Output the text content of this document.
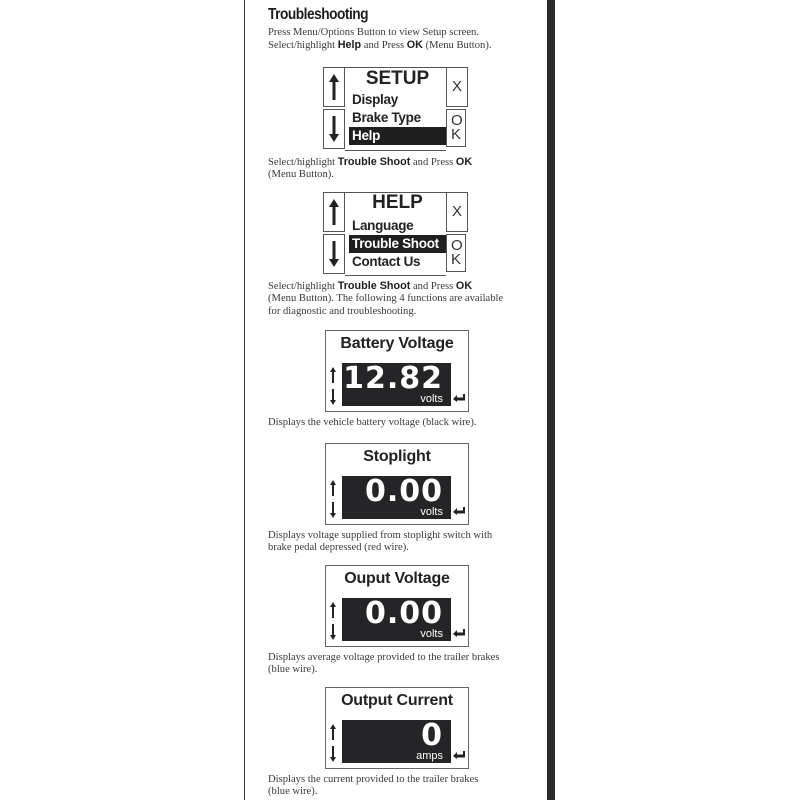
Troubleshooting
Press Menu/Options Button to view Setup screen.
Select/highlight Help and Press OK (Menu Button).
SETUP
Display
Brake Type
Help
X
OK
Select/highlight Trouble Shoot and Press OK
(Menu Button).
HELP
Language
Trouble Shoot
Contact Us
X
OK
Select/highlight Trouble Shoot and Press OK
(Menu Button). The following 4 functions are available
for diagnostic and troubleshooting.
Battery Voltage
12.82
volts
Displays the vehicle battery voltage (black wire).
Stoplight
0.00
volts
Displays voltage supplied from stoplight switch with
brake pedal depressed (red wire).
Ouput Voltage
0.00
volts
Displays average voltage provided to the trailer brakes
(blue wire).
Output Current
0
amps
Displays the current provided to the trailer brakes
(blue wire).
